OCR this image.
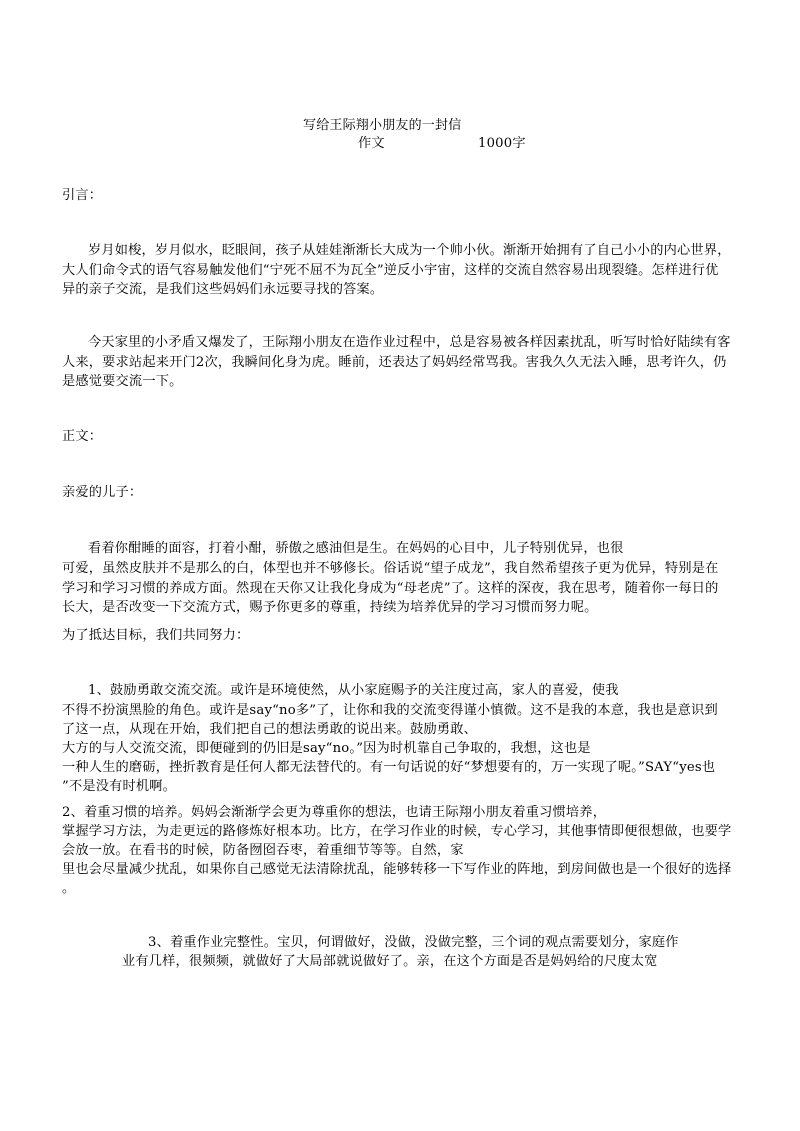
写给王际翔小朋友的一封信
作文	1000字
引言：
岁月如梭，岁月似水，眨眼间，孩子从娃娃渐渐长大成为一个帅小伙。渐渐开始拥有了自己小小的内心世界，
大人们命令式的语气容易触发他们“宁死不屈不为瓦全”逆反小宇宙，这样的交流自然容易出现裂缝。怎样进行优
异的亲子交流，是我们这些妈妈们永远要寻找的答案。
今天家里的小矛盾又爆发了，王际翔小朋友在造作业过程中，总是容易被各样因素扰乱，听写时恰好陆续有客
人来，要求站起来开门2次，我瞬间化身为虎。睡前，还表达了妈妈经常骂我。害我久久无法入睡，思考许久，仍
是感觉要交流一下。
正文：
亲爱的儿子：
看着你酣睡的面容，打着小酣，骄傲之感油但是生。在妈妈的心目中，儿子特别优异，也很
可爱，虽然皮肤并不是那么的白，体型也并不够修长。俗话说“望子成龙”，我自然希望孩子更为优异，特别是在
学习和学习习惯的养成方面。然现在天你又让我化身成为“母老虎”了。这样的深夜，我在思考，随着你一每日的
长大，是否改变一下交流方式，赐予你更多的尊重，持续为培养优异的学习习惯而努力呢。
为了抵达目标，我们共同努力：
1、鼓励勇敢交流交流。或许是环境使然，从小家庭赐予的关注度过高，家人的喜爱，使我
不得不扮演黑脸的角色。或许是say“no多”了，让你和我的交流变得谨小慎微。这不是我的本意，我也是意识到
了这一点，从现在开始，我们把自己的想法勇敢的说出来。鼓励勇敢、
大方的与人交流交流，即便碰到的仍旧是say“no。”因为时机靠自己争取的，我想，这也是
一种人生的磨砺，挫折教育是任何人都无法替代的。有一句话说的好“梦想要有的，万一实现了呢。”SAY“yes也
”不是没有时机啊。
2、着重习惯的培养。妈妈会渐渐学会更为尊重你的想法，也请王际翔小朋友着重习惯培养，
掌握学习方法，为走更远的路修炼好根本功。比方，在学习作业的时候，专心学习，其他事情即便很想做，也要学
会放一放。在看书的时候，防备囫囵吞枣，着重细节等等。自然，家
里也会尽量减少扰乱，如果你自己感觉无法清除扰乱，能够转移一下写作业的阵地，到房间做也是一个很好的选择
。
3、着重作业完整性。宝贝，何谓做好，没做，没做完整，三个词的观点需要划分，家庭作
业有几样，很频频，就做好了大局部就说做好了。亲，在这个方面是否是妈妈给的尺度太宽
